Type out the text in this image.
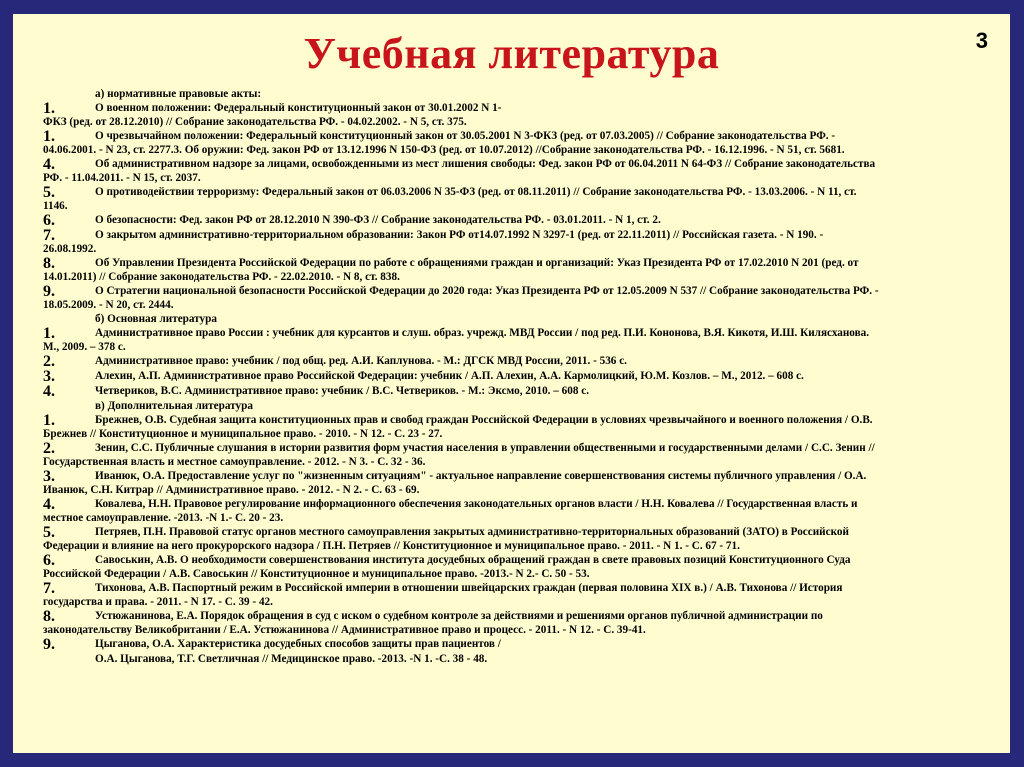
Учебная литература	3
а) нормативные правовые акты:
1.	О военном положении: Федеральный конституционный закон от 30.01.2002 N 1-
ФКЗ (ред. от 28.12.2010) // Собрание законодательства РФ. - 04.02.2002. - N 5, ст. 375.
1.	О чрезвычайном положении: Федеральный конституционный закон от 30.05.2001 N 3-ФКЗ (ред. от 07.03.2005) // Собрание законодательства РФ. -
04.06.2001. - N 23, ст. 2277.3. Об оружии: Фед. закон РФ от 13.12.1996 N 150-ФЗ (ред. от 10.07.2012) //Собрание законодательства РФ. - 16.12.1996. - N 51, ст. 5681.
4.	Об административном надзоре за лицами, освобожденными из мест лишения свободы: Фед. закон РФ от 06.04.2011 N 64-ФЗ // Собрание законодательства
РФ. - 11.04.2011. - N 15, ст. 2037.
5.	О противодействии терроризму: Федеральный закон от 06.03.2006 N 35-ФЗ (ред. от 08.11.2011) // Собрание законодательства РФ. - 13.03.2006. - N 11, ст.
1146.
6.	О безопасности: Фед. закон РФ от 28.12.2010 N 390-ФЗ // Собрание законодательства РФ. - 03.01.2011. - N 1, ст. 2.
7.	О закрытом административно-территориальном образовании: Закон РФ от14.07.1992 N 3297-1 (ред. от 22.11.2011) // Российская газета. - N 190. -
26.08.1992.
8.	Об Управлении Президента Российской Федерации по работе с обращениями граждан и организаций: Указ Президента РФ от 17.02.2010 N 201 (ред. от
14.01.2011) // Собрание законодательства РФ. - 22.02.2010. - N 8, ст. 838.
9.	О Стратегии национальной безопасности Российской Федерации до 2020 года: Указ Президента РФ от 12.05.2009 N 537 // Собрание законодательства РФ. -
18.05.2009. - N 20, ст. 2444.
б) Основная литература
1.	Административное право России : учебник для курсантов и слуш. образ. учрежд. МВД России / под ред. П.И. Кононова, В.Я. Кикотя, И.Ш. Килясханова.
М., 2009. – 378 с.
2.	Административное право: учебник / под общ. ред. А.И. Каплунова. - М.: ДГСК МВД России, 2011. - 536 с.
3.	Алехин, А.П. Административное право Российской Федерации: учебник / А.П. Алехин, А.А. Кармолицкий, Ю.М. Козлов. – М., 2012. – 608 с.
4.	Четвериков, В.С. Административное право: учебник / В.С. Четвериков. - М.: Эксмо, 2010. – 608 с.
в) Дополнительная литература
1.	Брежнев, О.В. Судебная защита конституционных прав и свобод граждан Российской Федерации в условиях чрезвычайного и военного положения / О.В.
Брежнев // Конституционное и муниципальное право. - 2010. - N 12. - С. 23 - 27.
2.	Зенин, С.С. Публичные слушания в истории развития форм участия населения в управлении общественными и государственными делами / С.С. Зенин //
Государственная власть и местное самоуправление. - 2012. - N 3. - С. 32 - 36.
3.	Иванюк, О.А. Предоставление услуг по "жизненным ситуациям" - актуальное направление совершенствования системы публичного управления / О.А.
Иванюк, С.Н. Китрар // Административное право. - 2012. - N 2. - С. 63 - 69.
4.	Ковалева, Н.Н. Правовое регулирование информационного обеспечения законодательных органов власти / Н.Н. Ковалева // Государственная власть и
местное самоуправление. -2013. -N 1.- С. 20 - 23.
5.	Петряев, П.Н. Правовой статус органов местного самоуправления закрытых административно-территориальных образований (ЗАТО) в Российской
Федерации и влияние на него прокурорского надзора / П.Н. Петряев // Конституционное и муниципальное право. - 2011. - N 1. - С. 67 - 71.
6.	Савоськин, А.В. О необходимости совершенствования института досудебных обращений граждан в свете правовых позиций Конституционного Суда
Российской Федерации / А.В. Савоськин // Конституционное и муниципальное право. -2013.- N 2.- С. 50 - 53.
7.	Тихонова, А.В. Паспортный режим в Российской империи в отношении швейцарских граждан (первая половина XIX в.) / А.В. Тихонова // История
государства и права. - 2011. - N 17. - С. 39 - 42.
8.	Устюжанинова, Е.А. Порядок обращения в суд с иском о судебном контроле за действиями и решениями органов публичной администрации по
законодательству Великобритании / Е.А. Устюжанинова // Административное право и процесс. - 2011. - N 12. - С. 39-41.
9.	Цыганова, О.А. Характеристика досудебных способов защиты прав пациентов /
О.А. Цыганова, Т.Г. Светличная // Медицинское право. -2013. -N 1. -С. 38 - 48.
